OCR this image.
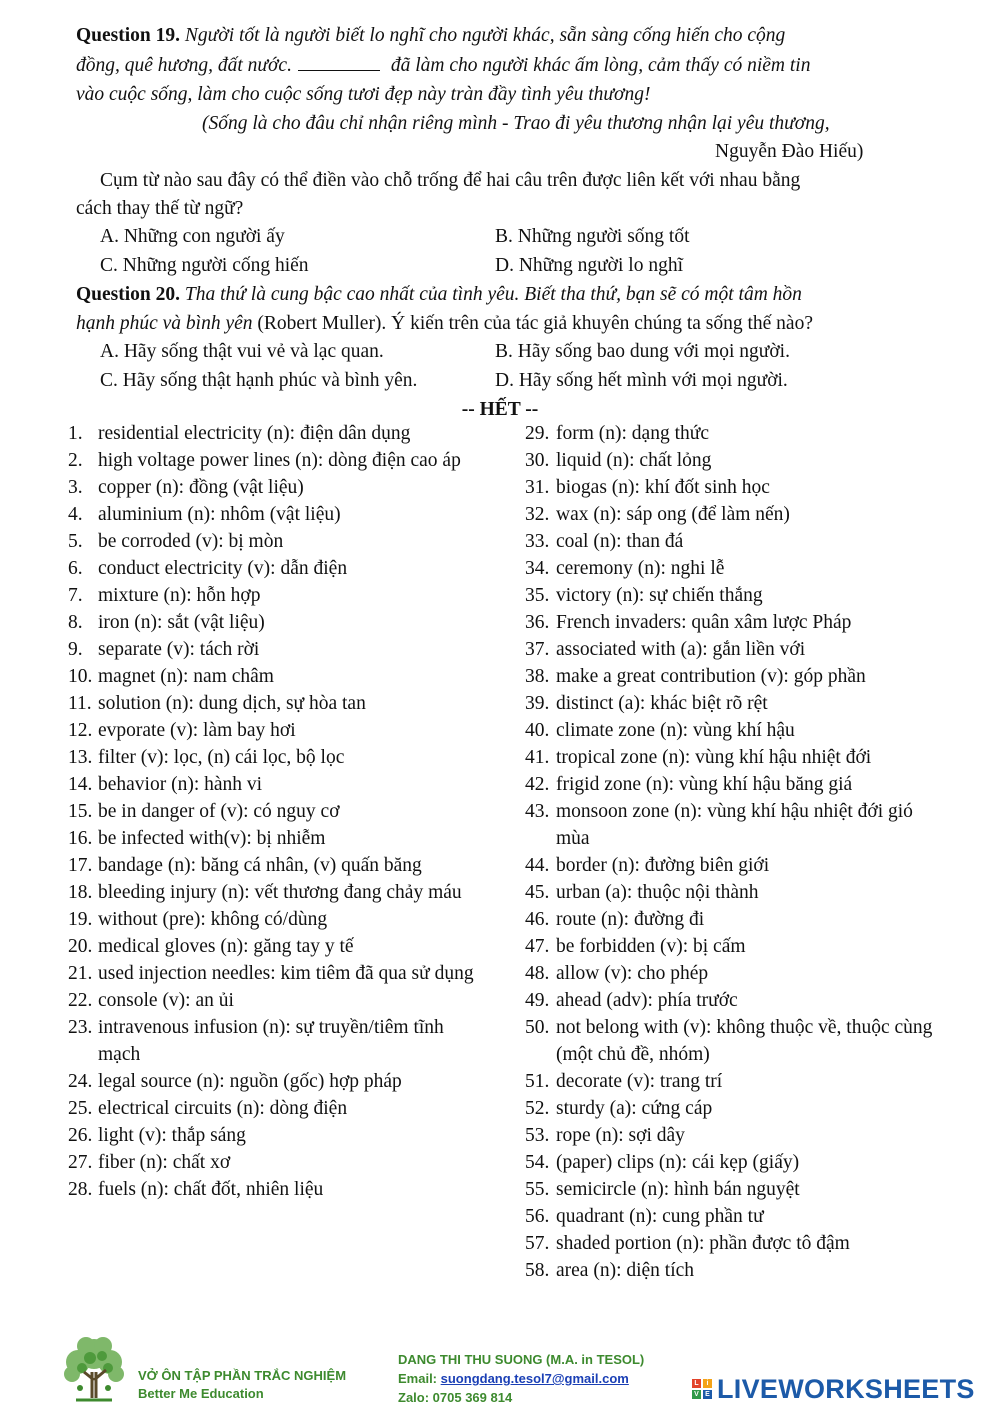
Question 19. Người tốt là người biết lo nghĩ cho người khác, sẵn sàng cống hiến cho cộng
đồng, quê hương, đất nước.	đã làm cho người khác ấm lòng, cảm thấy có niềm tin
vào cuộc sống, làm cho cuộc sống tươi đẹp này tràn đầy tình yêu thương!
(Sống là cho đâu chỉ nhận riêng mình - Trao đi yêu thương nhận lại yêu thương,
Nguyễn Đào Hiếu)
Cụm từ nào sau đây có thể điền vào chỗ trống để hai câu trên được liên kết với nhau bằng
cách thay thế từ ngữ?
A. Những con người ấy	B. Những người sống tốt
C. Những người cống hiến	D. Những người lo nghĩ
Question 20. Tha thứ là cung bậc cao nhất của tình yêu. Biết tha thứ, bạn sẽ có một tâm hồn
hạnh phúc và bình yên (Robert Muller). Ý kiến trên của tác giả khuyên chúng ta sống thế nào?
A. Hãy sống thật vui vẻ và lạc quan.	B. Hãy sống bao dung với mọi người.
C. Hãy sống thật hạnh phúc và bình yên.	D. Hãy sống hết mình với mọi người.
-- HẾT --
1. residential electricity (n): điện dân dụng
2. high voltage power lines (n): dòng điện cao áp
3. copper (n): đồng (vật liệu)
4. aluminium (n): nhôm (vật liệu)
5. be corroded (v): bị mòn
6. conduct electricity (v): dẫn điện
7. mixture (n): hỗn hợp
8. iron (n): sắt (vật liệu)
9. separate (v): tách rời
10. magnet (n): nam châm
11. solution (n): dung dịch, sự hòa tan
12. evporate (v): làm bay hơi
13. filter (v): lọc, (n) cái lọc, bộ lọc
14. behavior (n): hành vi
15. be in danger of (v): có nguy cơ
16. be infected with(v): bị nhiễm
17. bandage (n): băng cá nhân, (v) quấn băng
18. bleeding injury (n): vết thương đang chảy máu
19. without (pre): không có/dùng
20. medical gloves (n): găng tay y tế
21. used injection needles: kim tiêm đã qua sử dụng
22. console (v): an ủi
23. intravenous infusion (n): sự truyền/tiêm tĩnh mạch
24. legal source (n): nguồn (gốc) hợp pháp
25. electrical circuits (n): dòng điện
26. light (v): thắp sáng
27. fiber (n): chất xơ
28. fuels (n): chất đốt, nhiên liệu
29. form (n): dạng thức
30. liquid (n): chất lỏng
31. biogas (n): khí đốt sinh học
32. wax (n): sáp ong (để làm nến)
33. coal (n): than đá
34. ceremony (n): nghi lễ
35. victory (n): sự chiến thắng
36. French invaders: quân xâm lược Pháp
37. associated with (a): gắn liền với
38. make a great contribution (v): góp phần
39. distinct (a): khác biệt rõ rệt
40. climate zone (n): vùng khí hậu
41. tropical zone (n): vùng khí hậu nhiệt đới
42. frigid zone (n): vùng khí hậu băng giá
43. monsoon zone (n): vùng khí hậu nhiệt đới gió mùa
44. border (n): đường biên giới
45. urban (a): thuộc nội thành
46. route (n): đường đi
47. be forbidden (v): bị cấm
48. allow (v): cho phép
49. ahead (adv): phía trước
50. not belong with (v): không thuộc về, thuộc cùng (một chủ đề, nhóm)
51. decorate (v): trang trí
52. sturdy (a): cứng cáp
53. rope (n): sợi dây
54. (paper) clips (n): cái kẹp (giấy)
55. semicircle (n): hình bán nguyệt
56. quadrant (n): cung phần tư
57. shaded portion (n): phần được tô đậm
58. area (n): diện tích
VỞ ÔN TẬP PHẦN TRẮC NGHIỆM
Better Me Education
DANG THI THU SUONG (M.A. in TESOL)
Email: suongdang.tesol7@gmail.com
Zalo: 0705 369 814
L	i
V E LIVEWORKSHEETS
